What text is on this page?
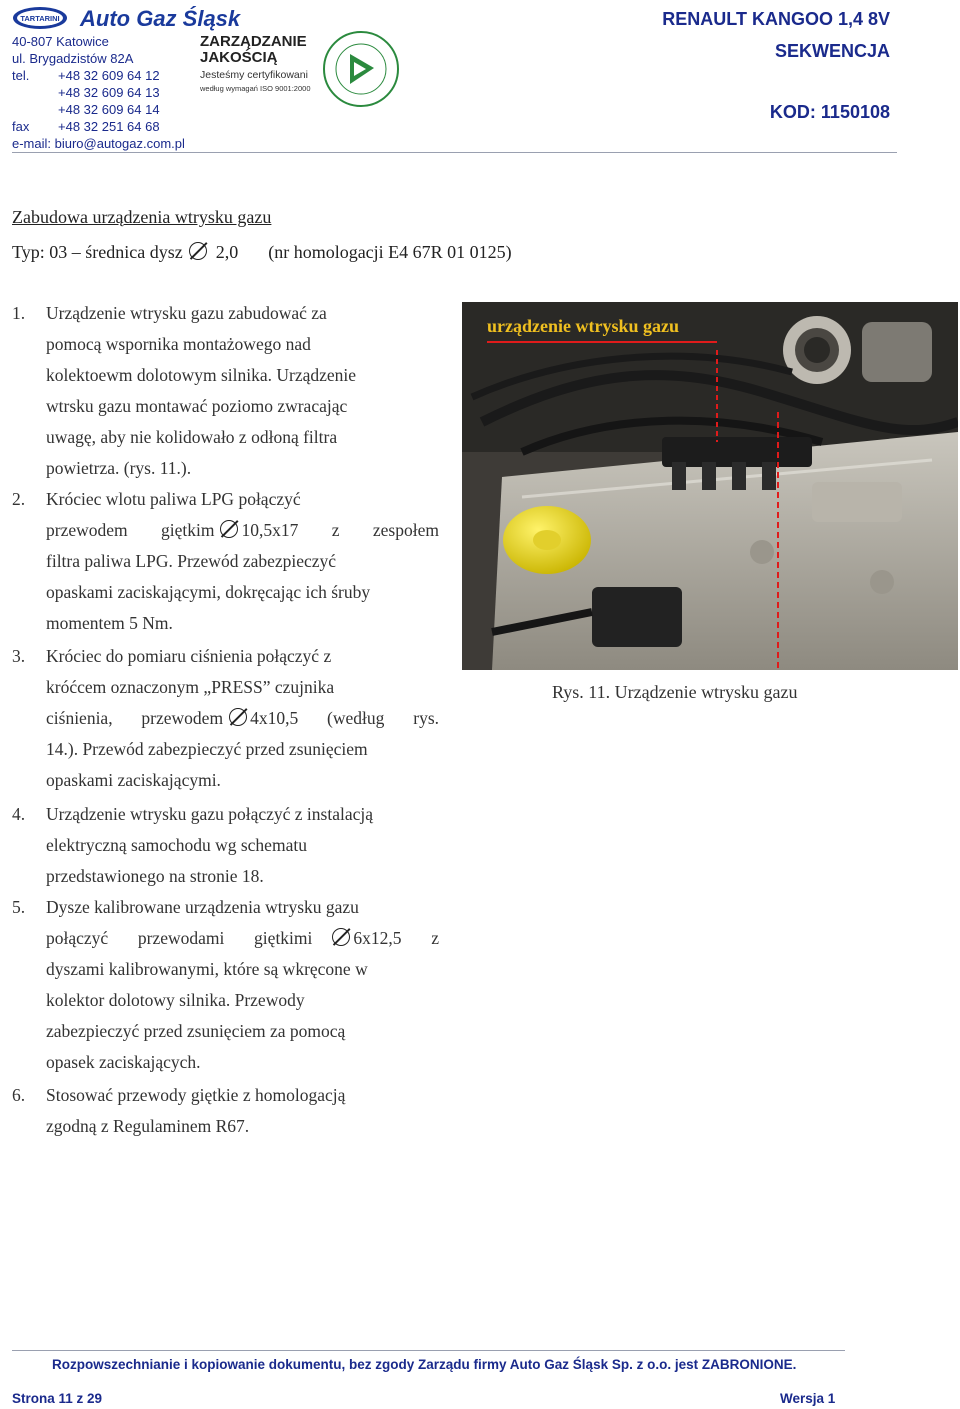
TARTARINI Auto Gaz Śląsk
40-807 Katowice
ul. Brygadzistów 82A
tel. +48 32 609 64 12
+48 32 609 64 13
+48 32 609 64 14
fax +48 32 251 64 68
e-mail: biuro@autogaz.com.pl
ZARZĄDZANIE
JAKOŚCIĄ
Jesteśmy certyfikowani
według wymagań ISO 9001:2000
RENAULT KANGOO 1,4 8V
SEKWENCJA
KOD: 1150108
Zabudowa urządzenia wtrysku gazu
Typ: 03 – średnica dysz 2,0 (nr homologacji E4 67R 01 0125)
1. Urządzenie wtrysku gazu zabudować za
pomocą wspornika montażowego nad
kolektoewm dolotowym silnika. Urządzenie
wtrsku gazu montawać poziomo zwracając
uwagę, aby nie kolidowało z odłoną filtra
powietrza. (rys. 11.).
2. Króciec wlotu paliwa LPG połączyć
przewodem giętkim 10,5x17 z zespołem
filtra paliwa LPG. Przewód zabezpieczyć
opaskami zaciskającymi, dokręcając ich śruby
momentem 5 Nm.
3. Króciec do pomiaru ciśnienia połączyć z
króćcem oznaczonym „PRESS” czujnika
ciśnienia, przewodem 4x10,5 (według rys.
14.). Przewód zabezpieczyć przed zsunięciem
opaskami zaciskającymi.
4. Urządzenie wtrysku gazu połączyć z instalacją
elektryczną samochodu wg schematu
przedstawionego na stronie 18.
5. Dysze kalibrowane urządzenia wtrysku gazu
połączyć przewodami giętkimi 6x12,5 z
dyszami kalibrowanymi, które są wkręcone w
kolektor dolotowy silnika. Przewody
zabezpieczyć przed zsunięciem za pomocą
opasek zaciskających.
6. Stosować przewody giętkie z homologacją
zgodną z Regulaminem R67.
urządzenie wtrysku gazu
Rys. 11. Urządzenie wtrysku gazu
Rozpowszechnianie i kopiowanie dokumentu, bez zgody Zarządu firmy Auto Gaz Śląsk Sp. z o.o. jest ZABRONIONE.
Strona 11 z 29	Wersja 1
